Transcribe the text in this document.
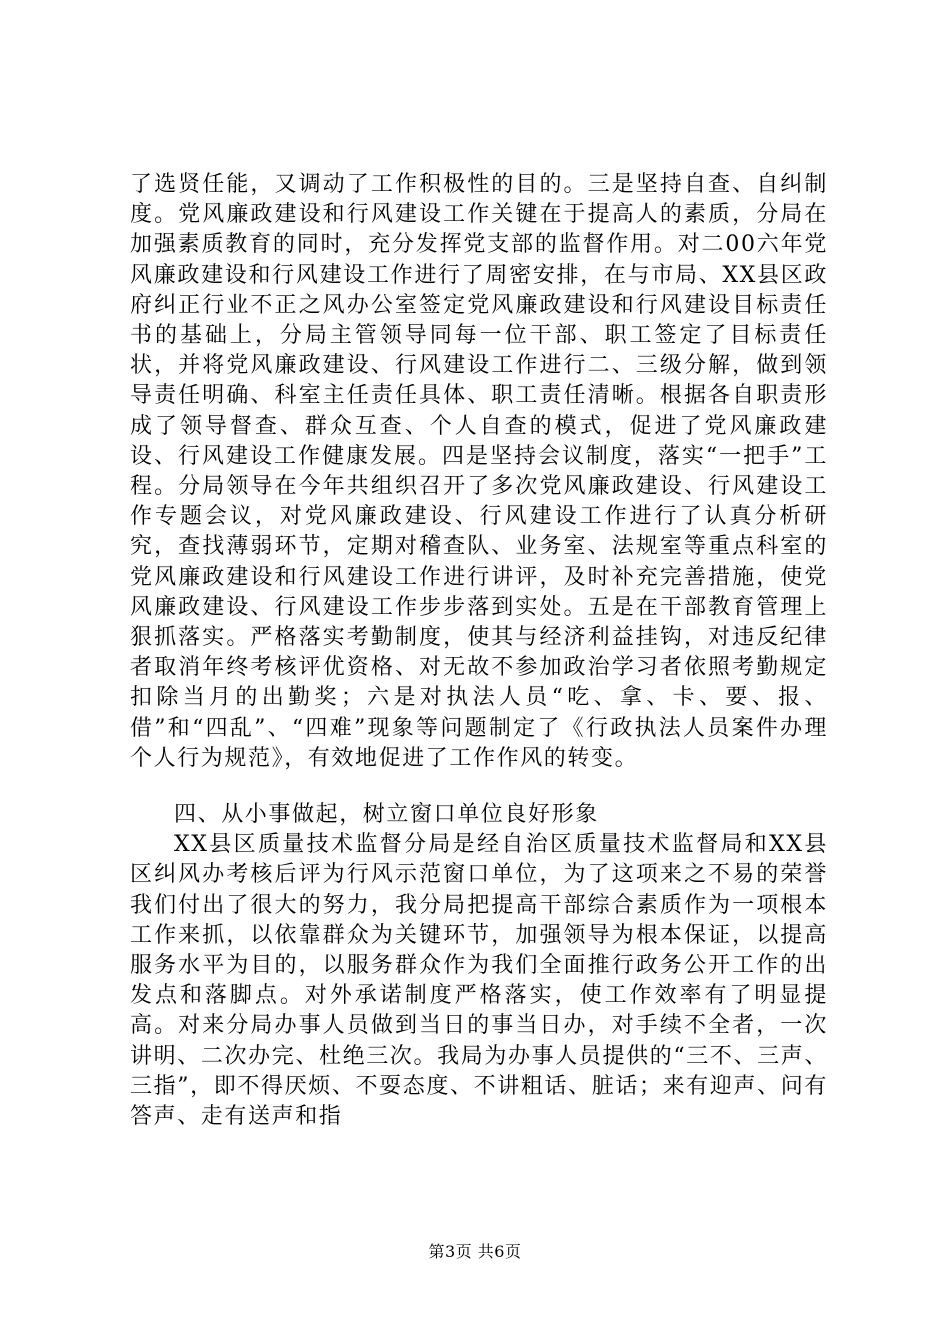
了选贤任能，又调动了工作积极性的目的。三是坚持自查、自纠制度。党风廉政建设和行风建设工作关键在于提高人的素质，分局在加强素质教育的同时，充分发挥党支部的监督作用。对二00六年党风廉政建设和行风建设工作进行了周密安排，在与市局、XX县区政府纠正行业不正之风办公室签定党风廉政建设和行风建设目标责任书的基础上，分局主管领导同每一位干部、职工签定了目标责任状，并将党风廉政建设、行风建设工作进行二、三级分解，做到领导责任明确、科室主任责任具体、职工责任清晰。根据各自职责形成了领导督查、群众互查、个人自查的模式，促进了党风廉政建设、行风建设工作健康发展。四是坚持会议制度，落实“一把手”工程。分局领导在今年共组织召开了多次党风廉政建设、行风建设工作专题会议，对党风廉政建设、行风建设工作进行了认真分析研究，查找薄弱环节，定期对稽查队、业务室、法规室等重点科室的党风廉政建设和行风建设工作进行讲评，及时补充完善措施，使党风廉政建设、行风建设工作步步落到实处。五是在干部教育管理上狠抓落实。严格落实考勤制度，使其与经济利益挂钩，对违反纪律者取消年终考核评优资格、对无故不参加政治学习者依照考勤规定扣除当月的出勤奖；六是对执法人员“吃、拿、卡、要、报、借”和“四乱”、“四难”现象等问题制定了《行政执法人员案件办理个人行为规范》，有效地促进了工作作风的转变。

四、从小事做起，树立窗口单位良好形象

XX县区质量技术监督分局是经自治区质量技术监督局和XX县区纠风办考核后评为行风示范窗口单位，为了这项来之不易的荣誉我们付出了很大的努力，我分局把提高干部综合素质作为一项根本工作来抓，以依靠群众为关键环节，加强领导为根本保证，以提高服务水平为目的，以服务群众作为我们全面推行政务公开工作的出发点和落脚点。对外承诺制度严格落实，使工作效率有了明显提高。对来分局办事人员做到当日的事当日办，对手续不全者，一次讲明、二次办完、杜绝三次。我局为办事人员提供的“三不、三声、三指”，即不得厌烦、不耍态度、不讲粗话、脏话；来有迎声、问有答声、走有送声和指

第3页 共6页
